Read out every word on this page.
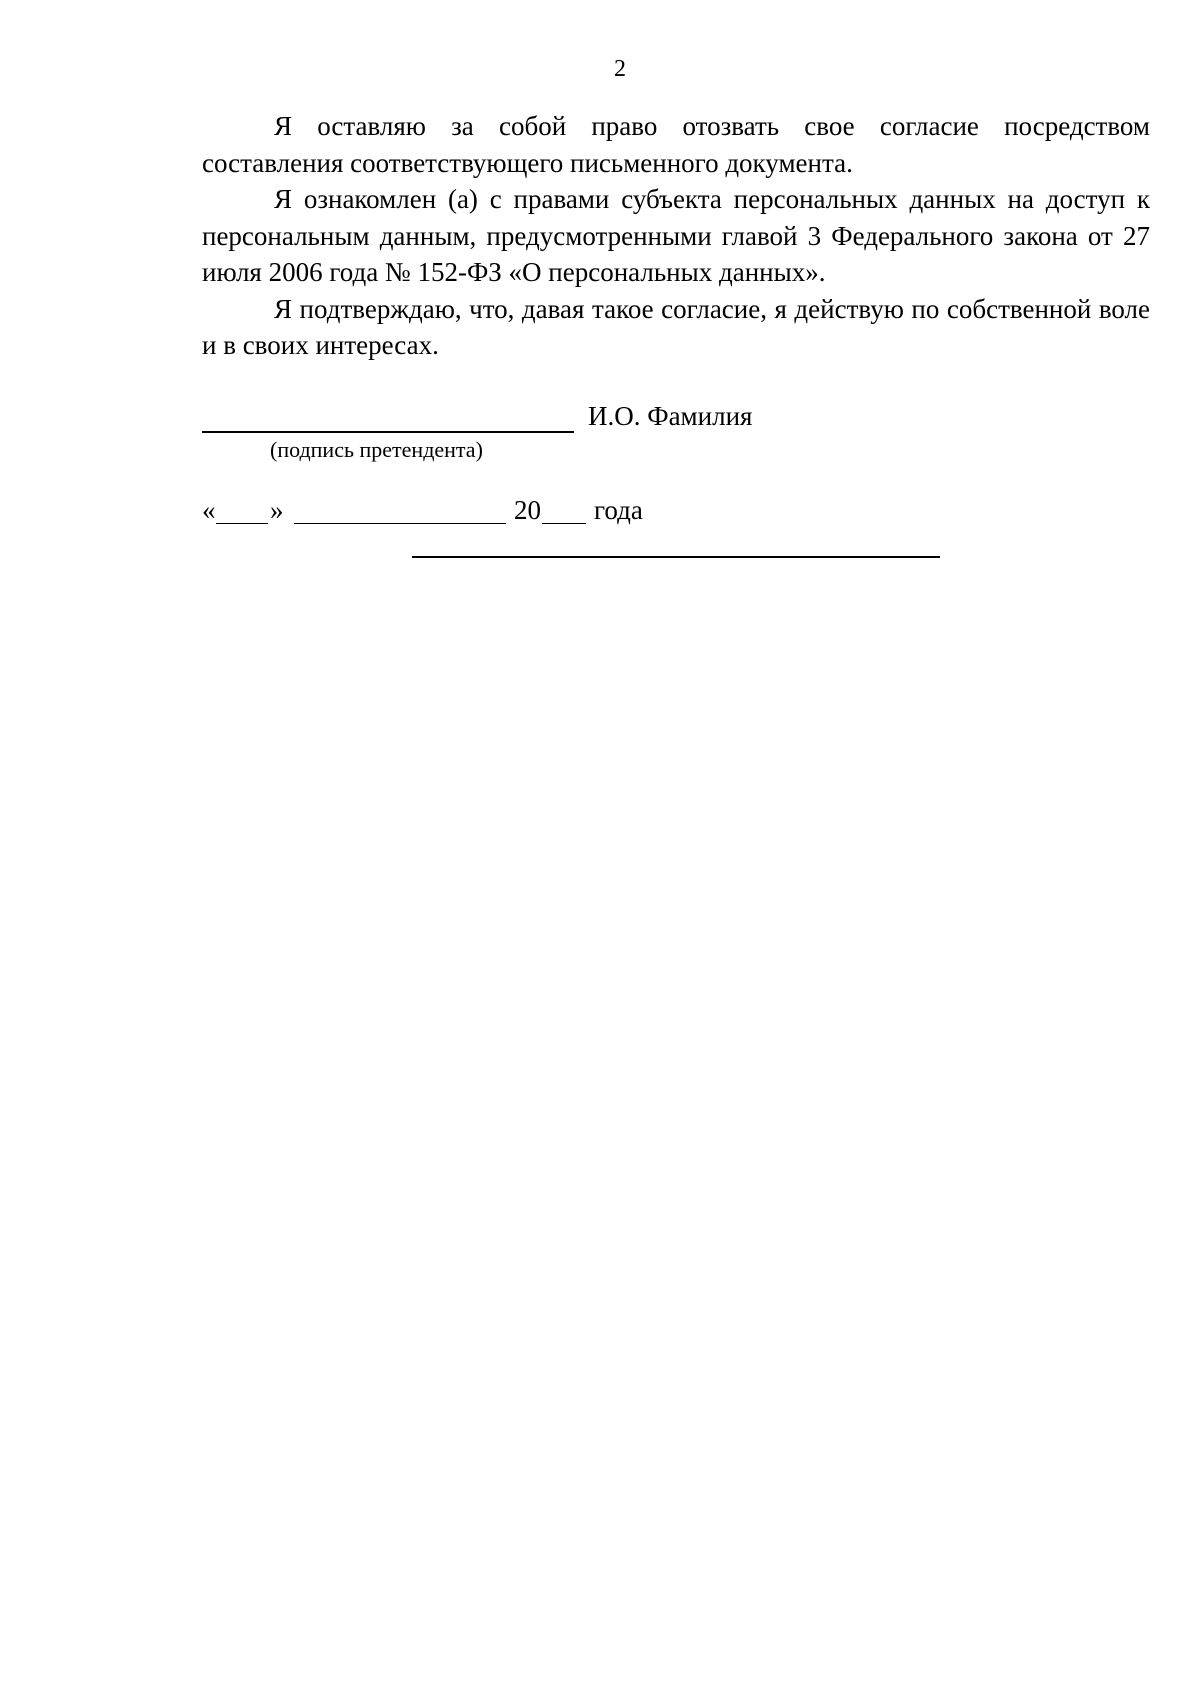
2

Я оставляю за собой право отозвать свое согласие посредством составления соответствующего письменного документа.

Я ознакомлен (а) с правами субъекта персональных данных на доступ к персональным данным, предусмотренными главой 3 Федерального закона от 27 июля 2006 года № 152-ФЗ «О персональных данных».

Я подтверждаю, что, давая такое согласие, я действую по собственной воле и в своих интересах.

И.О. Фамилия
(подпись претендента)
« »	20 года
